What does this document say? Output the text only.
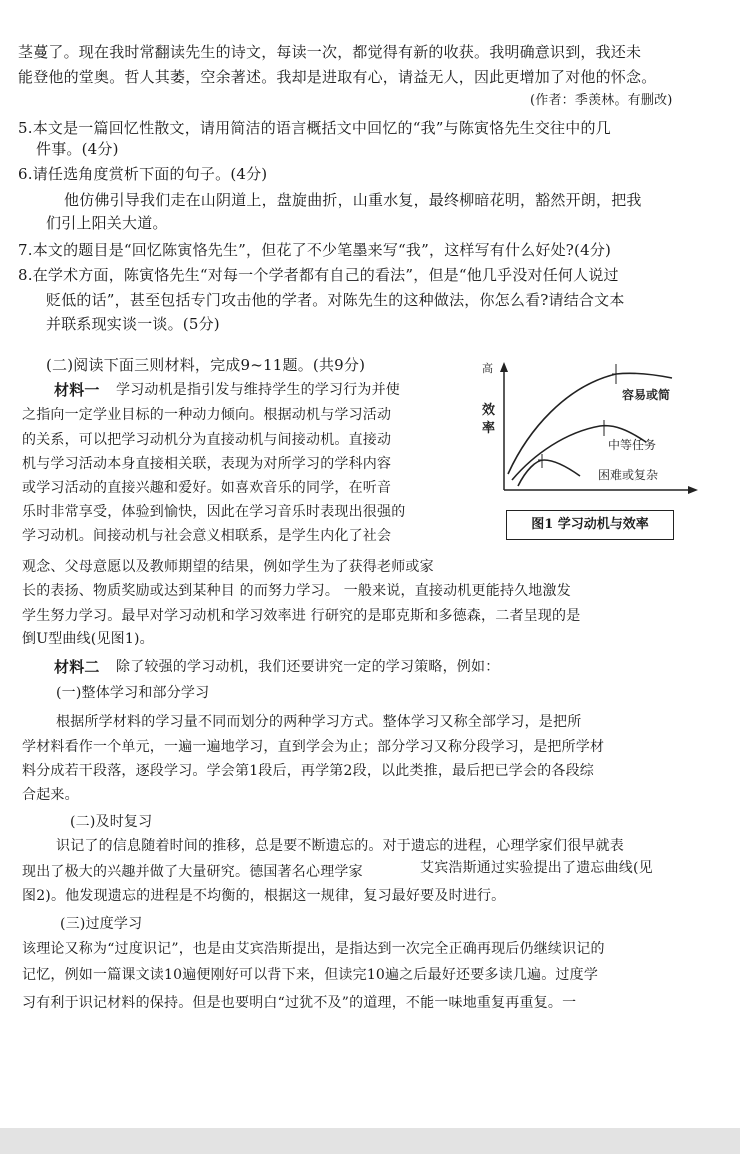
茎蔓了。现在我时常翻读先生的诗文，每读一次，都觉得有新的收获。我明确意识到，我还未
能登他的堂奥。哲人其萎，空余著述。我却是进取有心，请益无人，因此更增加了对他的怀念。
(作者：季羡林。有删改)
5.本文是一篇回忆性散文，请用简洁的语言概括文中回忆的“我”与陈寅恪先生交往中的几
件事。(4分)
6.请任选角度赏析下面的句子。(4分)
他仿佛引导我们走在山阴道上，盘旋曲折，山重水复，最终柳暗花明，豁然开朗，把我
们引上阳关大道。
7.本文的题目是“回忆陈寅恪先生”，但花了不少笔墨来写“我”，这样写有什么好处?(4分)
8.在学术方面，陈寅恪先生“对每一个学者都有自己的看法”，但是“他几乎没对任何人说过
贬低的话”，甚至包括专门攻击他的学者。对陈先生的这种做法，你怎么看?请结合文本
并联系现实谈一谈。(5分)
(二)阅读下面三则材料，完成9~11题。(共9分)
材料一 学习动机是指引发与维持学生的学习行为并使
之指向一定学业目标的一种动力倾向。根据动机与学习活动
的关系，可以把学习动机分为直接动机与间接动机。直接动
机与学习活动本身直接相关联，表现为对所学习的学科内容
或学习活动的直接兴趣和爱好。如喜欢音乐的同学，在听音
乐时非常享受，体验到愉快，因此在学习音乐时表现出很强的
学习动机。间接动机与社会意义相联系，是学生内化了社会
观念、父母意愿以及教师期望的结果，例如学生为了获得老师或家
长的表扬、物质奖励或达到某种目 的而努力学习。 一般来说，直接动机更能持久地激发
学生努力学习。最早对学习动机和学习效率进 行研究的是耶克斯和多德森，二者呈现的是
倒U型曲线(见图1)。
高
效率
容易或简
中等任务
困难或复杂
图1 学习动机与效率
材料二 除了较强的学习动机，我们还要讲究一定的学习策略，例如：
(一)整体学习和部分学习
根据所学材料的学习量不同而划分的两种学习方式。整体学习又称全部学习，是把所
学材料看作一个单元，一遍一遍地学习，直到学会为止；部分学习又称分段学习，是把所学材
料分成若干段落，逐段学习。学会第1段后，再学第2段，以此类推，最后把已学会的各段综
合起来。
(二)及时复习
识记了的信息随着时间的推移，总是要不断遗忘的。对于遗忘的进程，心理学家们很早就表
现出了极大的兴趣并做了大量研究。德国著名心理学家	艾宾浩斯通过实验提出了遗忘曲线(见
图2)。他发现遗忘的进程是不均衡的，根据这一规律，复习最好要及时进行。
(三)过度学习
该理论又称为“过度识记”，也是由艾宾浩斯提出，是指达到一次完全正确再现后仍继续识记的
记忆，例如一篇课文读10遍便刚好可以背下来，但读完10遍之后最好还要多读几遍。过度学
习有利于识记材料的保持。但是也要明白“过犹不及”的道理，不能一味地重复再重复。一
